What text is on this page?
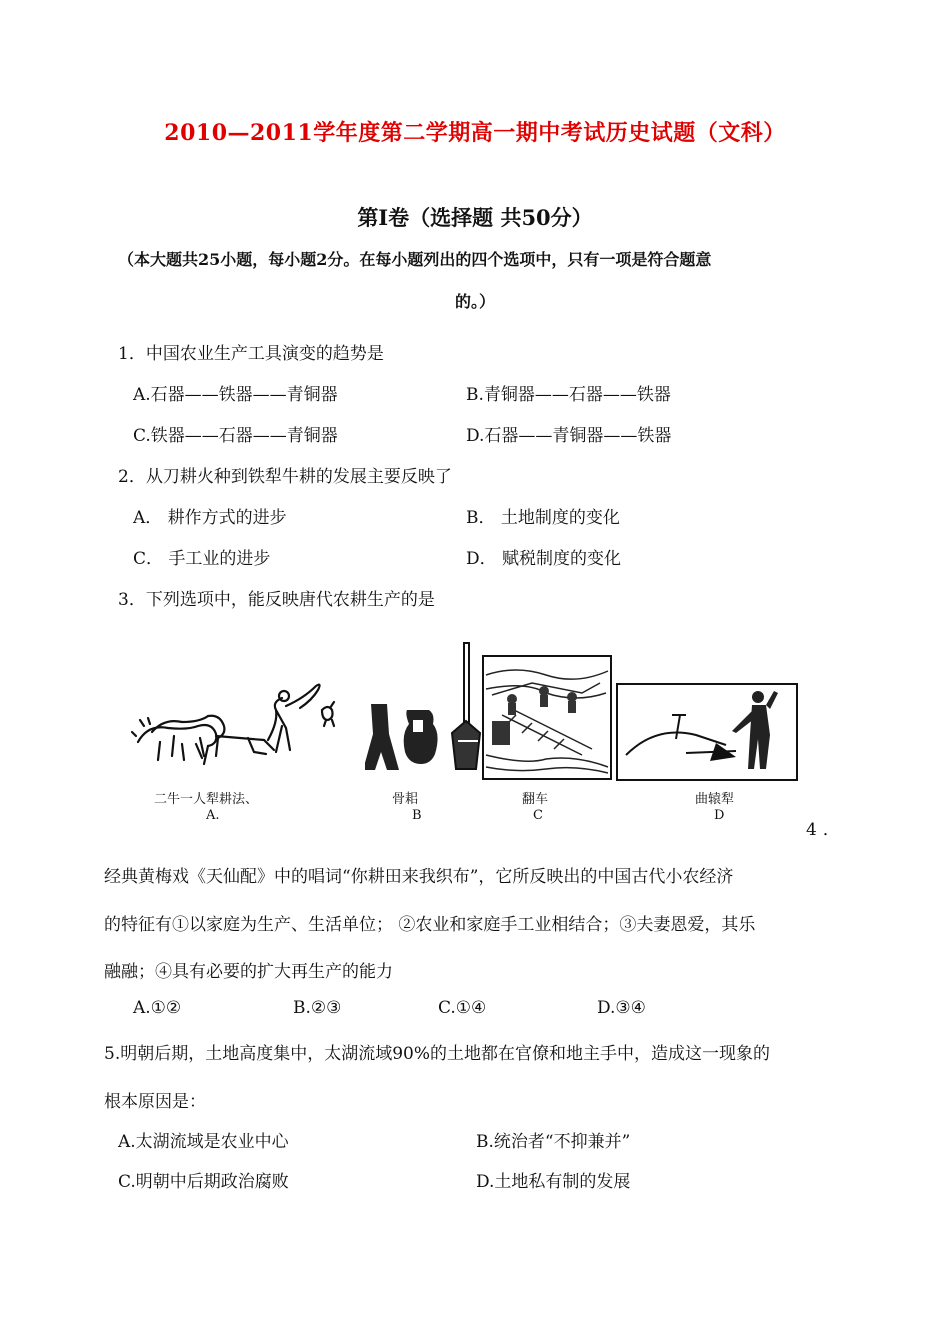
2010—2011学年度第二学期高一期中考试历史试题（文科）
第Ⅰ卷（选择题 共50分）
（本大题共25小题，每小题2分。在每小题列出的四个选项中，只有一项是符合题意
的。）
1．中国农业生产工具演变的趋势是
A.石器——铁器——青铜器	B.青铜器——石器——铁器
C.铁器——石器——青铜器	D.石器——青铜器——铁器
2．从刀耕火种到铁犁牛耕的发展主要反映了
A． 耕作方式的进步	B． 土地制度的变化
C． 手工业的进步	D． 赋税制度的变化
3．下列选项中，能反映唐代农耕生产的是
二牛一人犁耕法、
A.
骨耜
B
翻车
C
曲辕犁
D
4．
经典黄梅戏《天仙配》中的唱词“你耕田来我织布”，它所反映出的中国古代小农经济
的特征有①以家庭为生产、生活单位； ②农业和家庭手工业相结合；③夫妻恩爱，其乐
融融；④具有必要的扩大再生产的能力
A.①②	B.②③	C.①④	D.③④
5.明朝后期，土地高度集中，太湖流域90%的土地都在官僚和地主手中，造成这一现象的
根本原因是：
A.太湖流域是农业中心	B.统治者“不抑兼并”
C.明朝中后期政治腐败	D.土地私有制的发展
